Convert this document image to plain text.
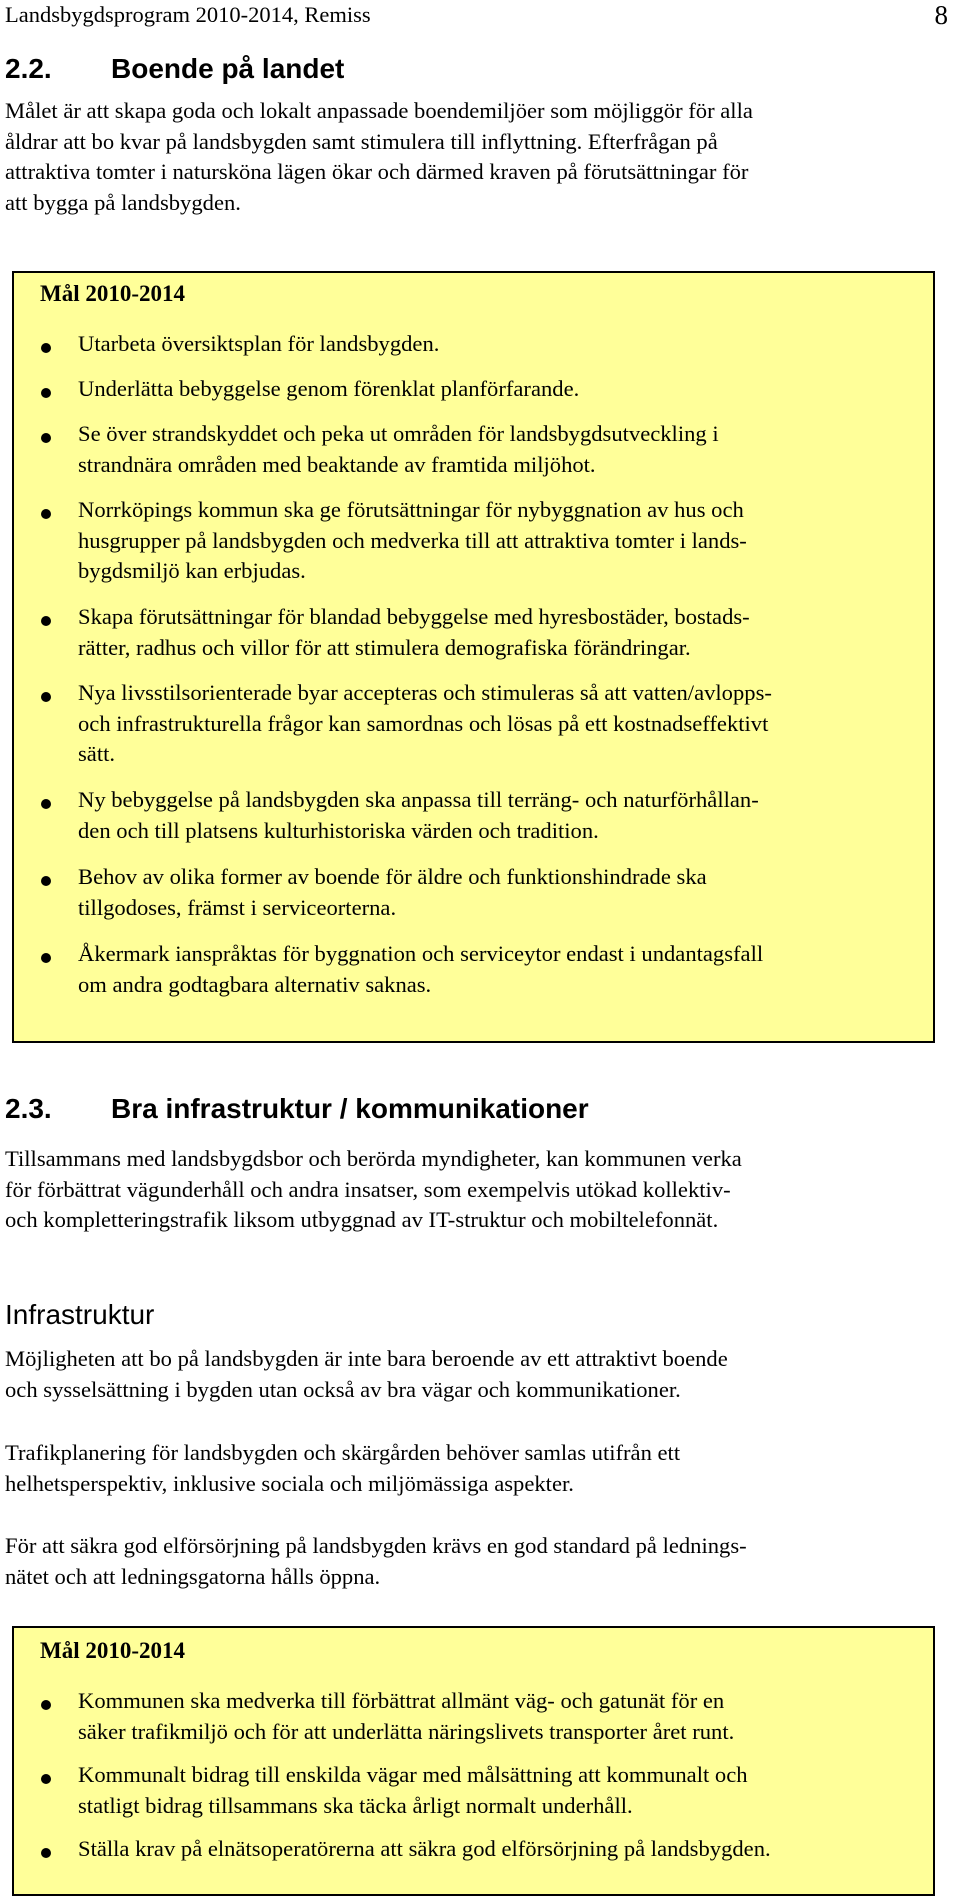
Landsbygdsprogram 2010-2014, Remiss	8
2.2. Boende på landet
Målet är att skapa goda och lokalt anpassade boendemiljöer som möjliggör för alla
åldrar att bo kvar på landsbygden samt stimulera till inflyttning. Efterfrågan på
attraktiva tomter i natursköna lägen ökar och därmed kraven på förutsättningar för
att bygga på landsbygden.
Mål 2010-2014
Utarbeta översiktsplan för landsbygden.
Underlätta bebyggelse genom förenklat planförfarande.
Se över strandskyddet och peka ut områden för landsbygdsutveckling i
strandnära områden med beaktande av framtida miljöhot.
Norrköpings kommun ska ge förutsättningar för nybyggnation av hus och
husgrupper på landsbygden och medverka till att attraktiva tomter i lands-
bygdsmiljö kan erbjudas.
Skapa förutsättningar för blandad bebyggelse med hyresbostäder, bostads-
rätter, radhus och villor för att stimulera demografiska förändringar.
Nya livsstilsorienterade byar accepteras och stimuleras så att vatten/avlopps-
och infrastrukturella frågor kan samordnas och lösas på ett kostnadseffektivt
sätt.
Ny bebyggelse på landsbygden ska anpassa till terräng- och naturförhållan-
den och till platsens kulturhistoriska värden och tradition.
Behov av olika former av boende för äldre och funktionshindrade ska
tillgodoses, främst i serviceorterna.
Åkermark ianspråktas för byggnation och serviceytor endast i undantagsfall
om andra godtagbara alternativ saknas.
2.3. Bra infrastruktur / kommunikationer
Tillsammans med landsbygdsbor och berörda myndigheter, kan kommunen verka
för förbättrat vägunderhåll och andra insatser, som exempelvis utökad kollektiv-
och kompletteringstrafik liksom utbyggnad av IT-struktur och mobiltelefonnät.
Infrastruktur
Möjligheten att bo på landsbygden är inte bara beroende av ett attraktivt boende
och sysselsättning i bygden utan också av bra vägar och kommunikationer.
Trafikplanering för landsbygden och skärgården behöver samlas utifrån ett
helhetsperspektiv, inklusive sociala och miljömässiga aspekter.
För att säkra god elförsörjning på landsbygden krävs en god standard på lednings-
nätet och att ledningsgatorna hålls öppna.
Mål 2010-2014
Kommunen ska medverka till förbättrat allmänt väg- och gatunät för en
säker trafikmiljö och för att underlätta näringslivets transporter året runt.
Kommunalt bidrag till enskilda vägar med målsättning att kommunalt och
statligt bidrag tillsammans ska täcka årligt normalt underhåll.
Ställa krav på elnätsoperatörerna att säkra god elförsörjning på landsbygden.
